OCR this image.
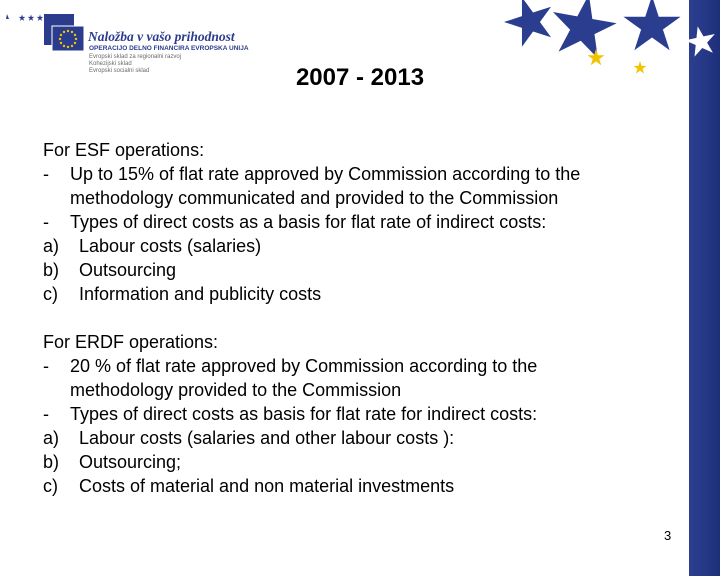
Naložba v vašo prihodnost
OPERACIJO DELNO FINANCIRA EVROPSKA UNIJA
Evropski sklad za regionalni razvoj
Kohezijski sklad
Evropski socialni sklad	2007 - 2013
For ESF operations:
- Up to 15% of flat rate approved by Commission according to the
methodology communicated and provided to the Commission
- Types of direct costs as a basis for flat rate of indirect costs:
a) Labour costs (salaries)
b) Outsourcing
c) Information and publicity costs
For ERDF operations:
- 20 % of flat rate approved by Commission according to the
methodology provided to the Commission
- Types of direct costs as basis for flat rate for indirect costs:
a) Labour costs (salaries and other labour costs ):
b) Outsourcing;
c) Costs of material and non material investments
3
